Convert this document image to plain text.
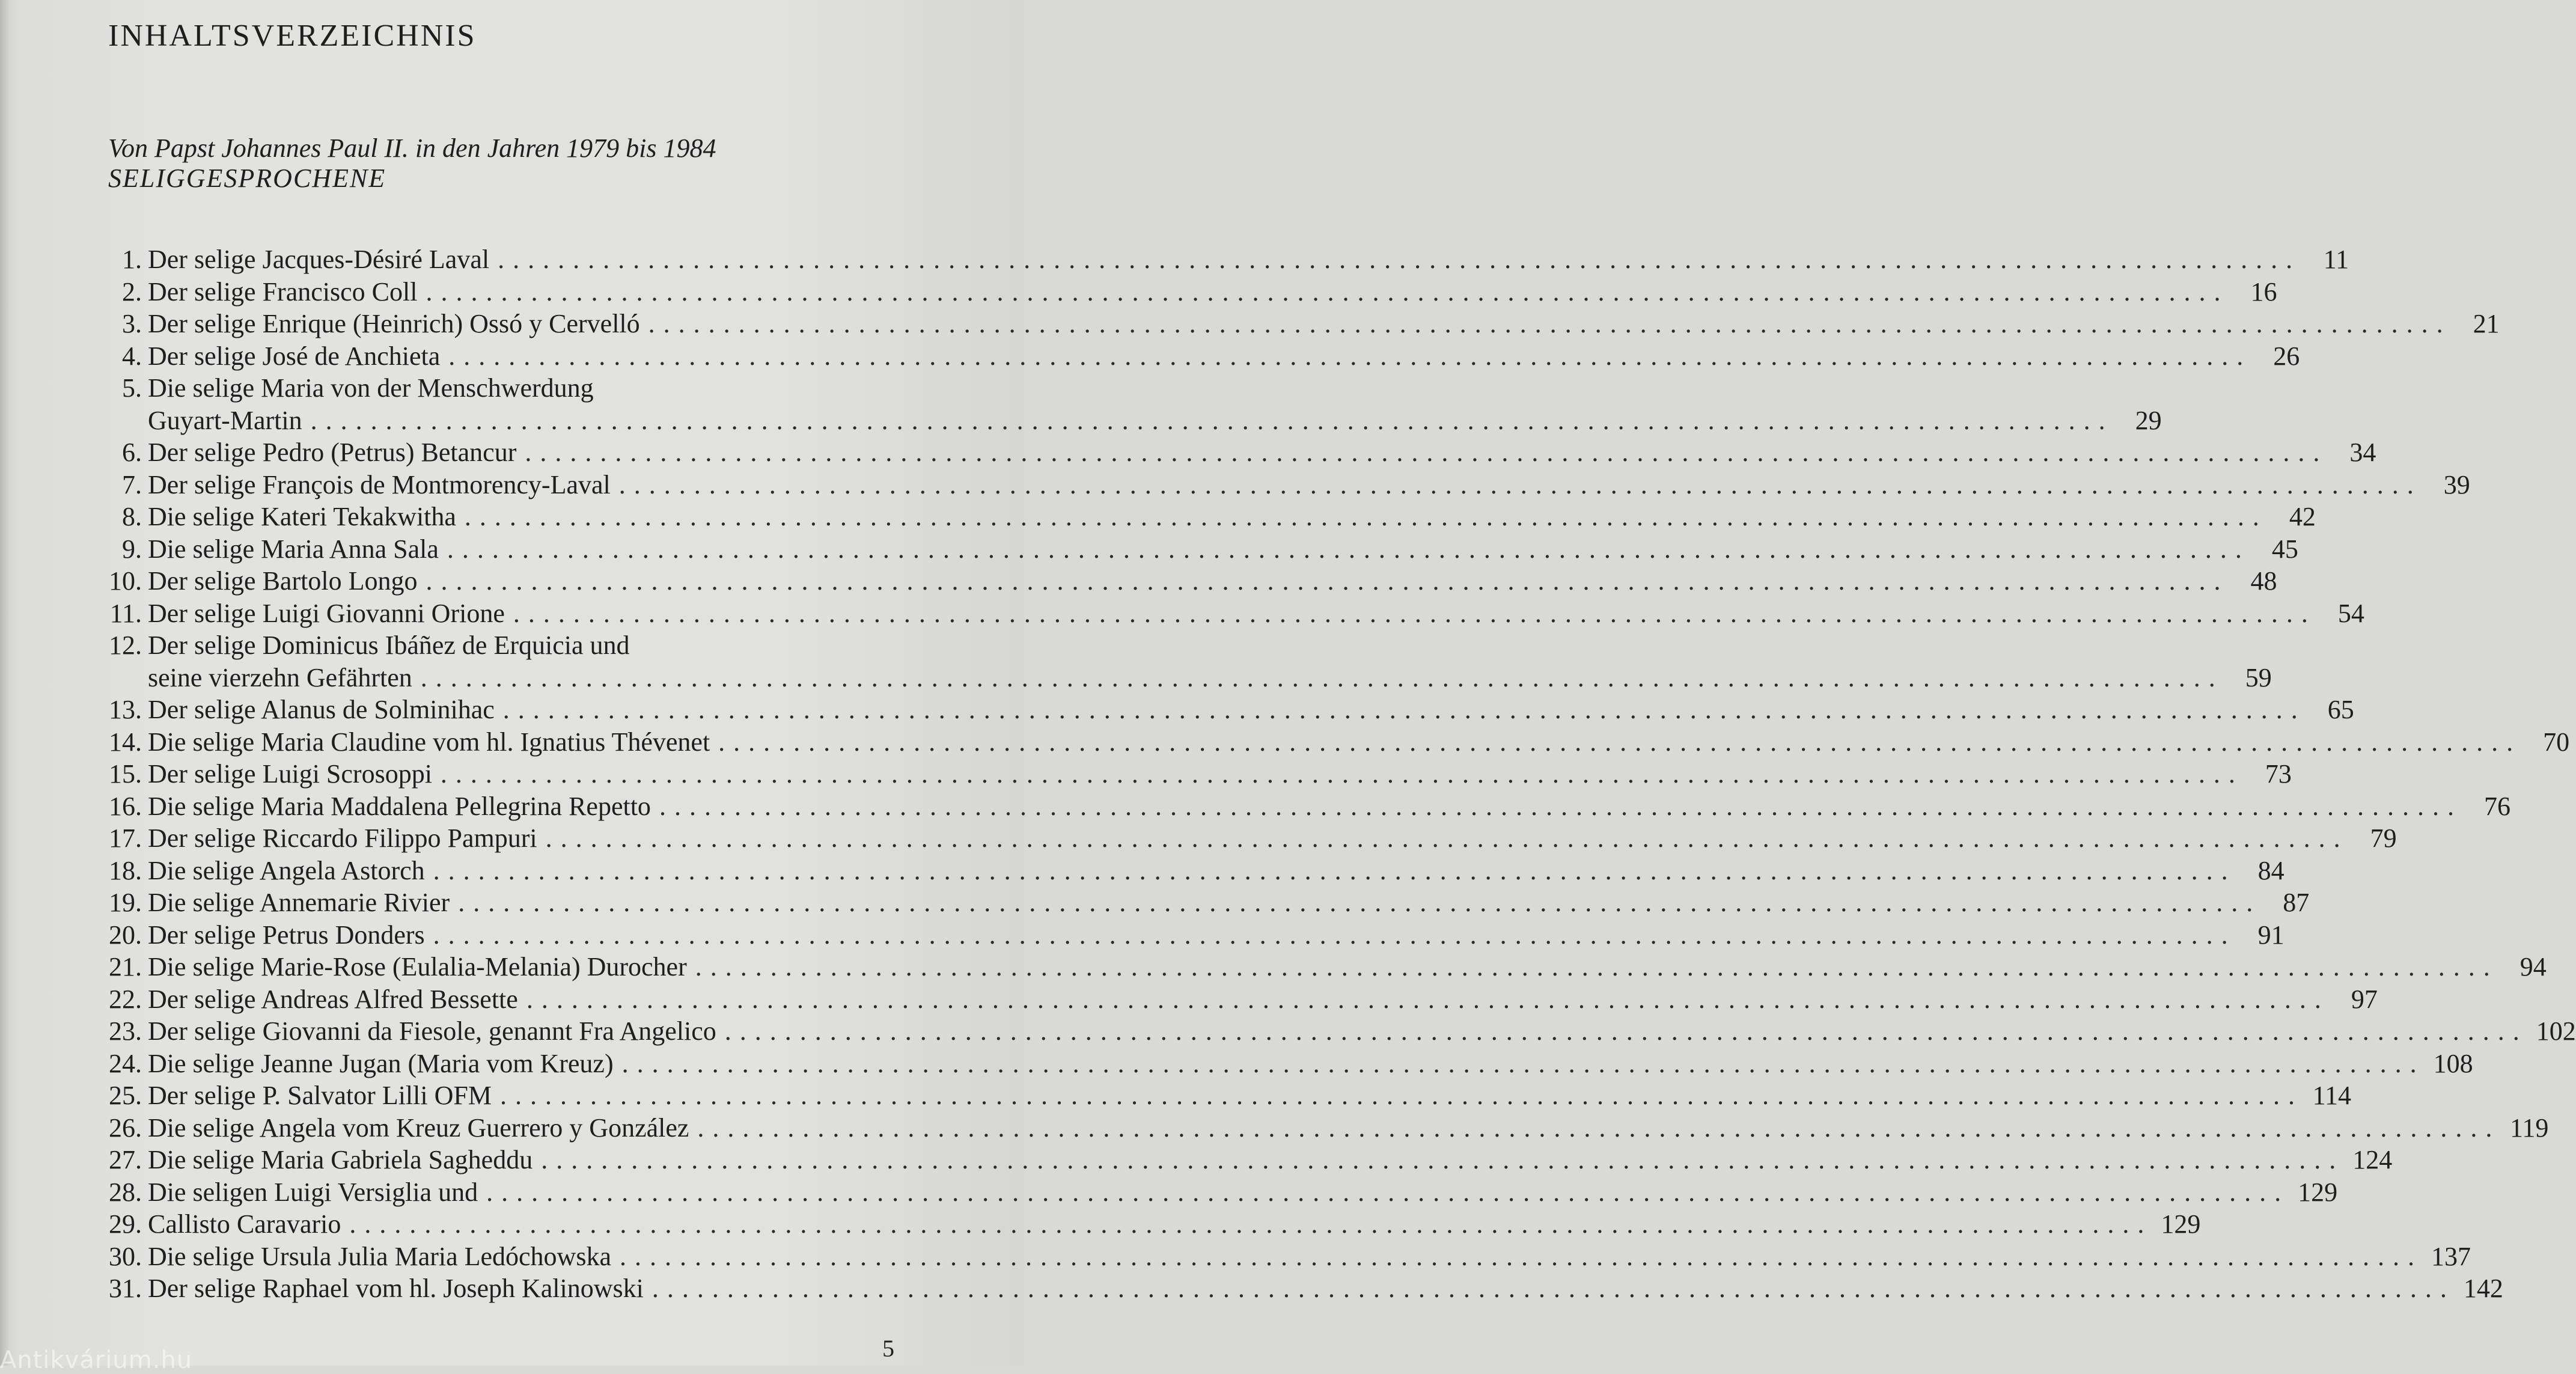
INHALTSVERZEICHNIS
Von Papst Johannes Paul II. in den Jahren 1979 bis 1984
SELIGGESPROCHENE
1. Der selige Jacques-Désiré Laval ........................................................................................................................ 11
2. Der selige Francisco Coll ........................................................................................................................ 16
3. Der selige Enrique (Heinrich) Ossó y Cervelló ........................................................................................................................ 21
4. Der selige José de Anchieta ........................................................................................................................ 26
5. Die selige Maria von der Menschwerdung
Guyart-Martin ........................................................................................................................ 29
6. Der selige Pedro (Petrus) Betancur ........................................................................................................................ 34
7. Der selige François de Montmorency-Laval ........................................................................................................................ 39
8. Die selige Kateri Tekakwitha ........................................................................................................................ 42
9. Die selige Maria Anna Sala ........................................................................................................................ 45
10. Der selige Bartolo Longo ........................................................................................................................ 48
11. Der selige Luigi Giovanni Orione ........................................................................................................................ 54
12. Der selige Dominicus Ibáñez de Erquicia und
seine vierzehn Gefährten ........................................................................................................................ 59
13. Der selige Alanus de Solminihac ........................................................................................................................ 65
14. Die selige Maria Claudine vom hl. Ignatius Thévenet ........................................................................................................................ 70
15. Der selige Luigi Scrosoppi ........................................................................................................................ 73
16. Die selige Maria Maddalena Pellegrina Repetto ........................................................................................................................ 76
17. Der selige Riccardo Filippo Pampuri ........................................................................................................................ 79
18. Die selige Angela Astorch ........................................................................................................................ 84
19. Die selige Annemarie Rivier ........................................................................................................................ 87
20. Der selige Petrus Donders ........................................................................................................................ 91
21. Die selige Marie-Rose (Eulalia-Melania) Durocher ........................................................................................................................ 94
22. Der selige Andreas Alfred Bessette ........................................................................................................................ 97
23. Der selige Giovanni da Fiesole, genannt Fra Angelico ........................................................................................................................ 102
24. Die selige Jeanne Jugan (Maria vom Kreuz) ........................................................................................................................ 108
25. Der selige P. Salvator Lilli OFM ........................................................................................................................ 114
26. Die selige Angela vom Kreuz Guerrero y González ........................................................................................................................ 119
27. Die selige Maria Gabriela Sagheddu ........................................................................................................................ 124
28. Die seligen Luigi Versiglia und ........................................................................................................................ 129
29. Callisto Caravario ........................................................................................................................ 129
30. Die selige Ursula Julia Maria Ledóchowska ........................................................................................................................ 137
31. Der selige Raphael vom hl. Joseph Kalinowski ........................................................................................................................ 142
5
Antikvárium.hu
